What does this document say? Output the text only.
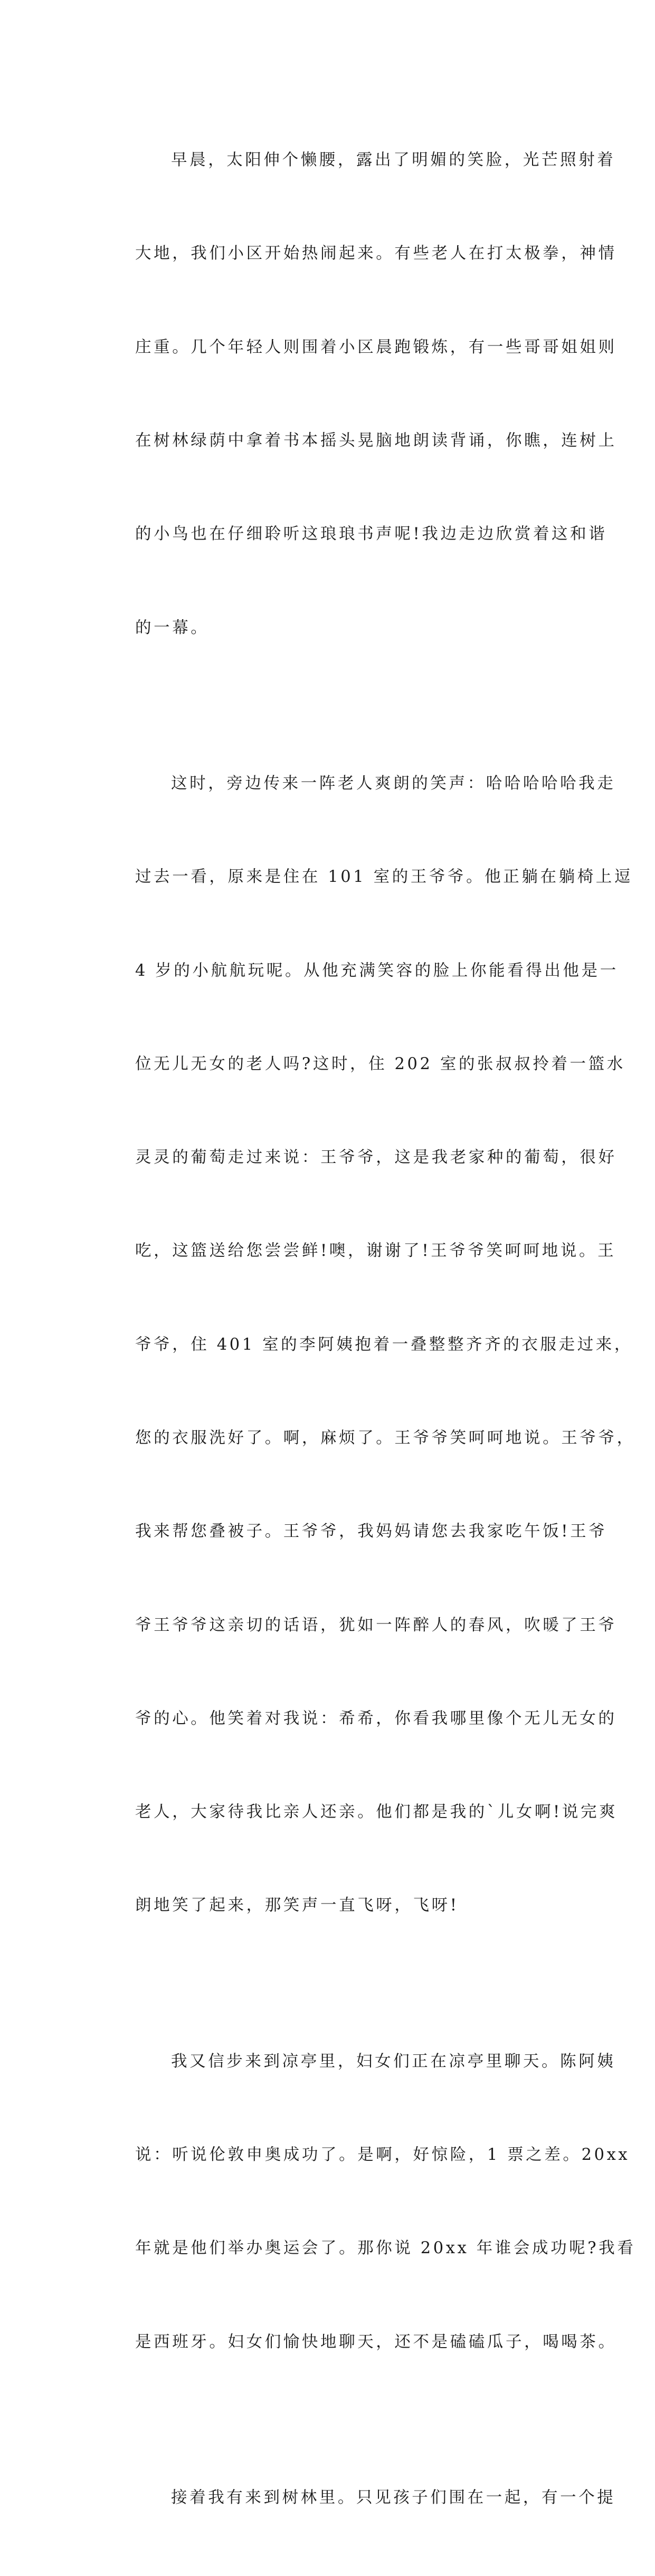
早晨，太阳伸个懒腰，露出了明媚的笑脸，光芒照射着

大地，我们小区开始热闹起来。有些老人在打太极拳，神情

庄重。几个年轻人则围着小区晨跑锻炼，有一些哥哥姐姐则

在树林绿荫中拿着书本摇头晃脑地朗读背诵，你瞧，连树上

的小鸟也在仔细聆听这琅琅书声呢!我边走边欣赏着这和谐

的一幕。

这时，旁边传来一阵老人爽朗的笑声：哈哈哈哈哈我走

过去一看，原来是住在 101 室的王爷爷。他正躺在躺椅上逗

4 岁的小航航玩呢。从他充满笑容的脸上你能看得出他是一

位无儿无女的老人吗?这时，住 202 室的张叔叔拎着一篮水

灵灵的葡萄走过来说：王爷爷，这是我老家种的葡萄，很好

吃，这篮送给您尝尝鲜!噢，谢谢了!王爷爷笑呵呵地说。王

爷爷，住 401 室的李阿姨抱着一叠整整齐齐的衣服走过来，

您的衣服洗好了。啊，麻烦了。王爷爷笑呵呵地说。王爷爷，

我来帮您叠被子。王爷爷，我妈妈请您去我家吃午饭!王爷

爷王爷爷这亲切的话语，犹如一阵醉人的春风，吹暖了王爷

爷的心。他笑着对我说：希希，你看我哪里像个无儿无女的

老人，大家待我比亲人还亲。他们都是我的`儿女啊!说完爽

朗地笑了起来，那笑声一直飞呀，飞呀!

我又信步来到凉亭里，妇女们正在凉亭里聊天。陈阿姨

说：听说伦敦申奥成功了。是啊，好惊险，1 票之差。20xx

年就是他们举办奥运会了。那你说 20xx 年谁会成功呢?我看

是西班牙。妇女们愉快地聊天，还不是磕磕瓜子，喝喝茶。

接着我有来到树林里。只见孩子们围在一起，有一个提
